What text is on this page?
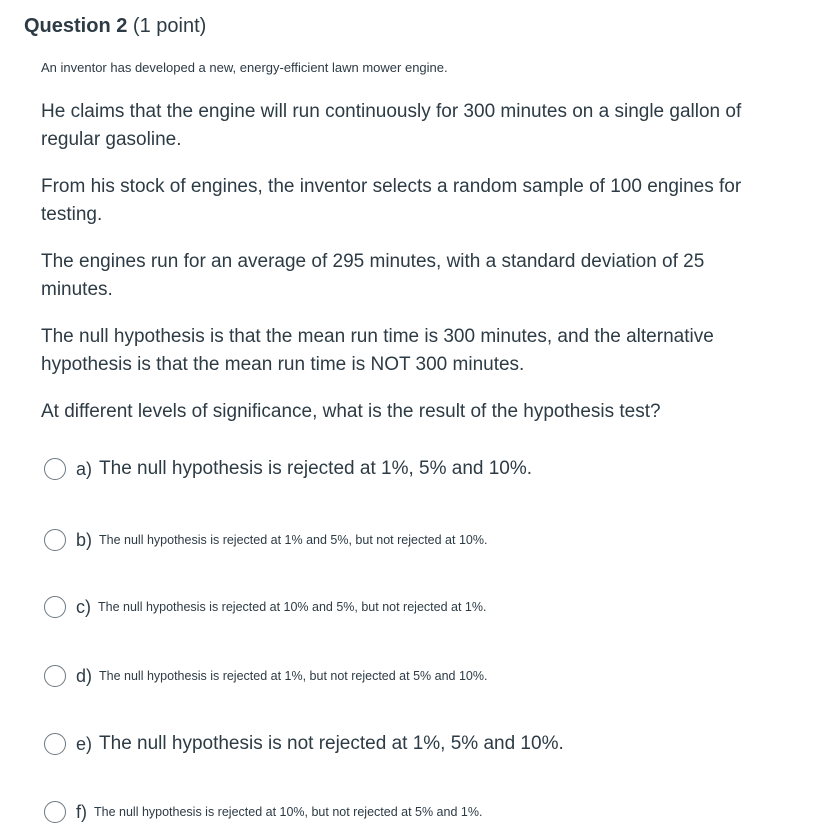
Question 2 (1 point)
An inventor has developed a new, energy-efficient lawn mower engine.

He claims that the engine will run continuously for 300 minutes on a single gallon of regular gasoline.

From his stock of engines, the inventor selects a random sample of 100 engines for testing.

The engines run for an average of 295 minutes, with a standard deviation of 25 minutes.

The null hypothesis is that the mean run time is 300 minutes, and the alternative hypothesis is that the mean run time is NOT 300 minutes.

At different levels of significance, what is the result of the hypothesis test?

a) The null hypothesis is rejected at 1%, 5% and 10%.
b) The null hypothesis is rejected at 1% and 5%, but not rejected at 10%.
c) The null hypothesis is rejected at 10% and 5%, but not rejected at 1%.
d) The null hypothesis is rejected at 1%, but not rejected at 5% and 10%.
e) The null hypothesis is not rejected at 1%, 5% and 10%.
f) The null hypothesis is rejected at 10%, but not rejected at 5% and 1%.
